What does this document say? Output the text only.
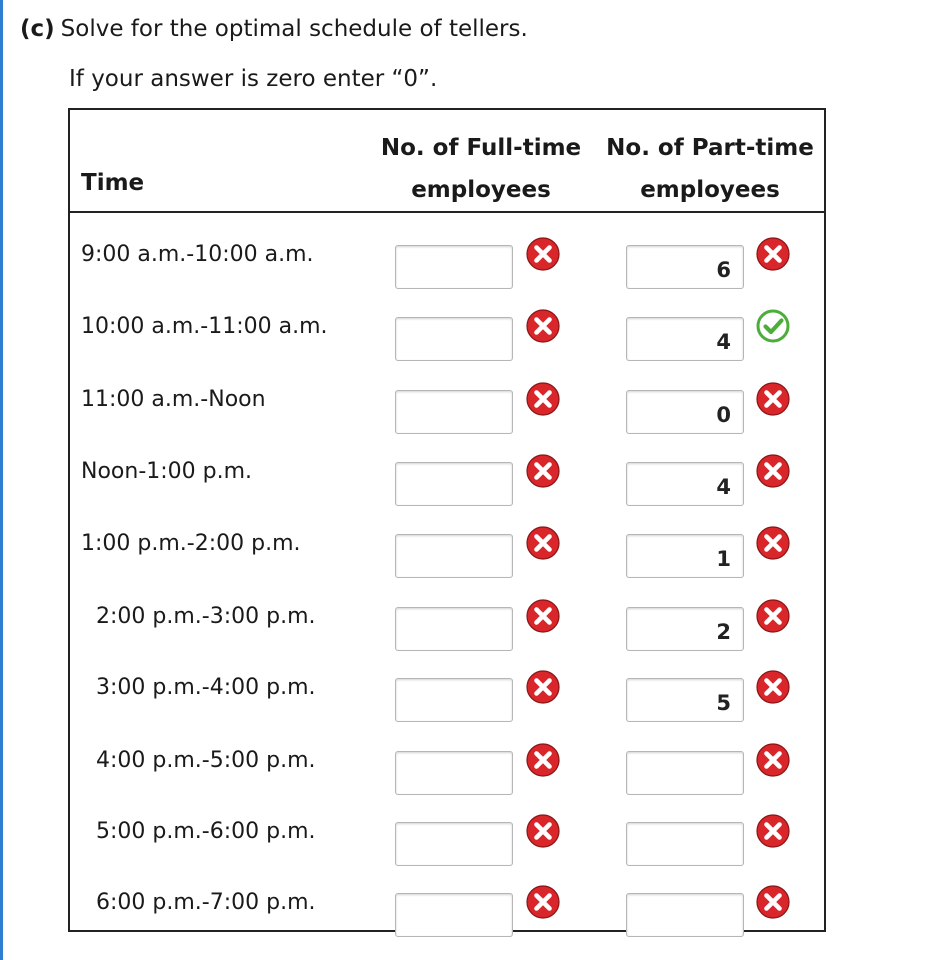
(c) Solve for the optimal schedule of tellers.
If your answer is zero enter “0”.
Time
No. of Full-time
employees
No. of Part-time
employees
9:00 a.m.-10:00 a.m.
6
10:00 a.m.-11:00 a.m.
4
11:00 a.m.-Noon
0
Noon-1:00 p.m.
4
1:00 p.m.-2:00 p.m.
1
2:00 p.m.-3:00 p.m.
2
3:00 p.m.-4:00 p.m.
5
4:00 p.m.-5:00 p.m.
5:00 p.m.-6:00 p.m.
6:00 p.m.-7:00 p.m.
